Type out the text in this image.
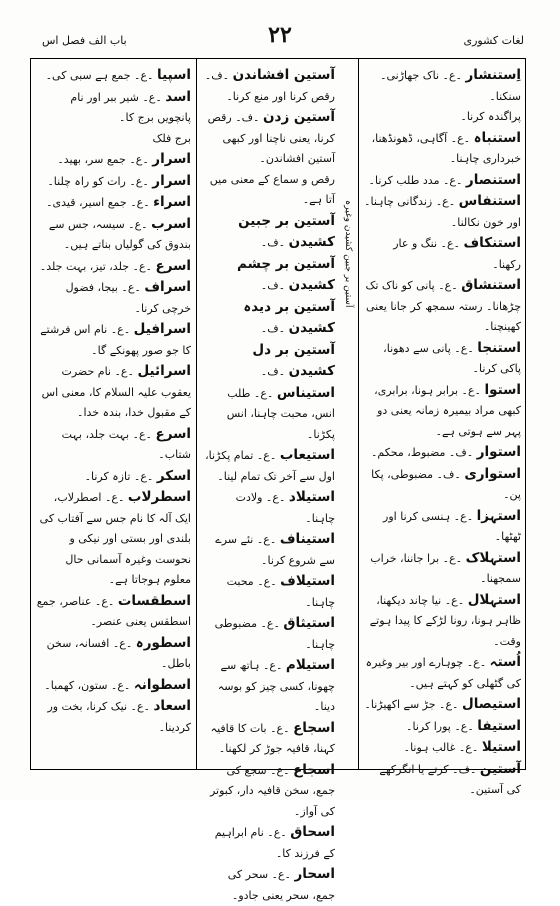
لغات کشوری
۲۲
باب الف فصل اس

اِستنشار ۔ع۔ ناک جھاڑنی۔ سنکنا۔

پراگندہ کرنا۔

استنباہ ۔ع۔ آگاہی، ڈھونڈھنا، خبرداری چاہنا۔

استنصار ۔ع۔ مدد طلب کرنا۔

استنفاس ۔ع۔ زندگانی چاہنا۔ اور خون نکالنا۔

استنکاف ۔ع۔ ننگ و عار رکھنا۔

استنشاق ۔ع۔ پانی کو ناک تک چڑھانا۔ رستہ سمجھ کر جانا یعنی کھینچنا۔

استنجا ۔ع۔ پانی سے دھونا، پاکی کرنا۔

استوا ۔ع۔ برابر ہونا، برابری، کبھی مراد بیمیرہ زمانہ یعنی دو پہر سے ہوتی ہے۔

استوار ۔ف۔ مضبوط، محکم۔

استواری ۔ف۔ مضبوطی، پکا پن۔

استہزا ۔ع۔ ہنسی کرنا اور ٹھٹھا۔

استہلاک ۔ع۔ برا جاننا، خراب سمجھنا۔

استہلال ۔ع۔ نیا چاند دیکھنا، ظاہر ہونا، رونا لڑکے کا پیدا ہوتے وقت۔

اُستہ ۔ع۔ چوہارے اور بیر وغیرہ کی گٹھلی کو کہتے ہیں۔

استیصال ۔ع۔ جڑ سے اکھیڑنا۔

استیفا ۔ع۔ پورا کرنا۔

استیلا ۔ع۔ غالب ہونا۔

آستین ۔ف۔ کرتے یا انگرکھے کی آستین۔

آستین افشاندن ۔ف۔ رقص کرنا اور منع کرنا۔

آستین زدن ۔ف۔ رقص کرنا، یعنی ناچنا اور کبھی آستین افشاندن۔

رقص و سماع کے معنی میں آتا ہے۔

آستین بر جبین کشیدن ۔ف۔

آستین بر چشم کشیدن ۔ف۔

آستین بر دیدہ کشیدن ۔ف۔

آستین بر دل کشیدن ۔ف۔

استیناس ۔ع۔ طلب انس، محبت چاہنا، انس پکڑنا۔

استیعاب ۔ع۔ تمام پکڑنا، اول سے آخر تک تمام لینا۔

استیلاد ۔ع۔ ولادت چاہنا۔

استیناف ۔ع۔ نئے سرے سے شروع کرنا۔

استیلاف ۔ع۔ محبت چاہنا۔

استیثاق ۔ع۔ مضبوطی چاہنا۔

استیلام ۔ع۔ ہاتھ سے چھونا، کسی چیز کو بوسہ دینا۔

اسجاع ۔ع۔ بات کا قافیہ کہنا، قافیہ جوڑ کر لکھنا۔

اسجاع ۔ع۔ سجع کی جمع، سخن قافیہ دار، کبوتر کی آواز۔

اسحاق ۔ع۔ نام ابراہیم کے فرزند کا۔

اسحار ۔ع۔ سحر کی جمع، سحر یعنی جادو۔

آستین بر جبین کشیدن وغیرہ

اسپیا ۔ع۔ جمع ہے سبی کی۔

اسد ۔ع۔ شیر ببر اور نام پانچویں برج کا۔

برج فلک

اسرار ۔ع۔ جمع سر، بھید۔

اسرار ۔ع۔ رات کو راہ چلنا۔

اسراء ۔ع۔ جمع اسیر، قیدی۔

اسرب ۔ع۔ سیسہ، جس سے بندوق کی گولیاں بناتے ہیں۔

اسرع ۔ع۔ جلد، تیز، بہت جلد۔

اسراف ۔ع۔ بیجا، فضول خرچی کرنا۔

اسرافیل ۔ع۔ نام اس فرشتے کا جو صور پھونکے گا۔

اسرائیل ۔ع۔ نام حضرت یعقوب علیہ السلام کا، معنی اس کے مقبول خدا، بندہ خدا۔

اسرع ۔ع۔ بہت جلد، بہت شتاب۔

اسکر ۔ع۔ تازہ کرنا۔

اسطرلاب ۔ع۔ اصطرلاب، ایک آلہ کا نام جس سے آفتاب کی بلندی اور بستی اور نیکی و نحوست وغیرہ آسمانی حال معلوم ہوجاتا ہے۔

اسطقسات ۔ع۔ عناصر، جمع اسطقس یعنی عنصر۔

اسطورہ ۔ع۔ افسانہ، سخن باطل۔

اسطوانہ ۔ع۔ ستون، کھمبا۔

اسعاد ۔ع۔ نیک کرنا، بخت ور کردینا۔
